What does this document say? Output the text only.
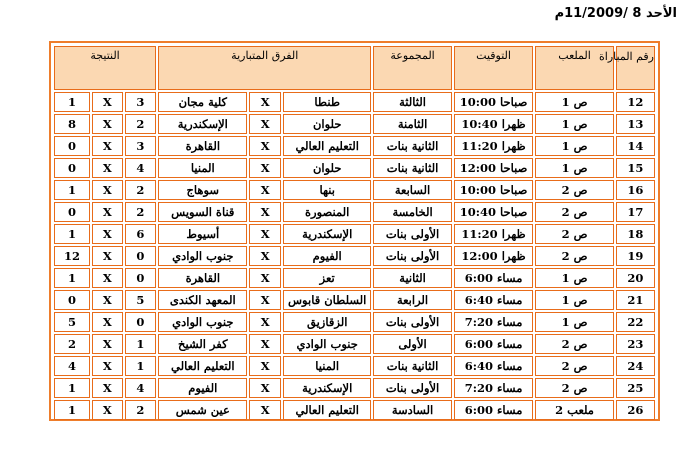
الأحد 8 /11/2009م
رقم المباراة	الملعب	التوقيت	المجموعة	الفرق المتبارية			النتيجة		
12	ص 1	صباحا 10:00	الثالثة	طنطا	X	كلية مجان	3	X	1
13	ص 1	ظهرا 10:40	الثامنة	حلوان	X	الإسكندرية	2	X	8
14	ص 1	ظهرا 11:20	الثانية بنات	التعليم العالي	X	القاهرة	3	X	0
15	ص 1	صباحا 12:00	الثانية بنات	حلوان	X	المنيا	4	X	0
16	ص 2	صباحا 10:00	السابعة	بنها	X	سوهاج	2	X	1
17	ص 2	صباحا 10:40	الخامسة	المنصورة	X	قناة السويس	2	X	0
18	ص 2	ظهرا 11:20	الأولى بنات	الإسكندرية	X	أسيوط	6	X	1
19	ص 2	ظهرا 12:00	الأولى بنات	الفيوم	X	جنوب الوادي	0	X	12
20	ص 1	مساء 6:00	الثانية	تعز	X	القاهرة	0	X	1
21	ص 1	مساء 6:40	الرابعة	السلطان قابوس	X	المعهد الكندى	5	X	0
22	ص 1	مساء 7:20	الأولى بنات	الزقازيق	X	جنوب الوادي	0	X	5
23	ص 2	مساء 6:00	الأولى	جنوب الوادي	X	كفر الشيخ	1	X	2
24	ص 2	مساء 6:40	الثانية بنات	المنيا	X	التعليم العالي	1	X	4
25	ص 2	مساء 7:20	الأولى بنات	الإسكندرية	X	الفيوم	4	X	1
26	ملعب 2	مساء 6:00	السادسة	التعليم العالي	X	عين شمس	2	X	1
